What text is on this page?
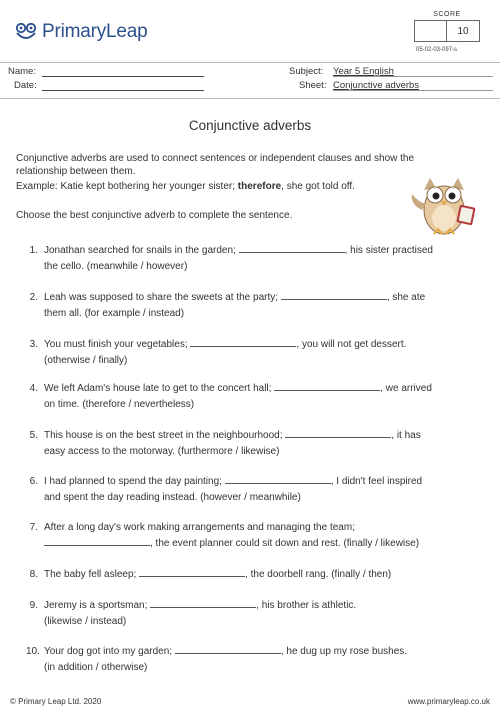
PrimaryLeap
SCORE
10
05-02-03-097-s
Name:
Date:
Subject: Year 5 English
Sheet: Conjunctive adverbs
Conjunctive adverbs
Conjunctive adverbs are used to connect sentences or independent clauses and show the
relationship between them.
Example: Katie kept bothering her younger sister; therefore, she got told off.
Choose the best conjunctive adverb to complete the sentence.
1. Jonathan searched for snails in the garden;	, his sister practised
the cello. (meanwhile / however)
2. Leah was supposed to share the sweets at the party;	, she ate
them all. (for example / instead)
3. You must finish your vegetables;	, you will not get dessert.
(otherwise / finally)
4. We left Adam's house late to get to the concert hall;	, we arrived
on time. (therefore / nevertheless)
5. This house is on the best street in the neighbourhood;	, it has
easy access to the motorway. (furthermore / likewise)
6. I had planned to spend the day painting;	, I didn't feel inspired
and spent the day reading instead. (however / meanwhile)
7. After a long day's work making arrangements and managing the team;
, the event planner could sit down and rest. (finally / likewise)
8. The baby fell asleep;	, the doorbell rang. (finally / then)
9. Jeremy is a sportsman;	, his brother is athletic.
(likewise / instead)
10. Your dog got into my garden;	, he dug up my rose bushes.
(in addition / otherwise)
© Primary Leap Ltd. 2020	www.primaryleap.co.uk
